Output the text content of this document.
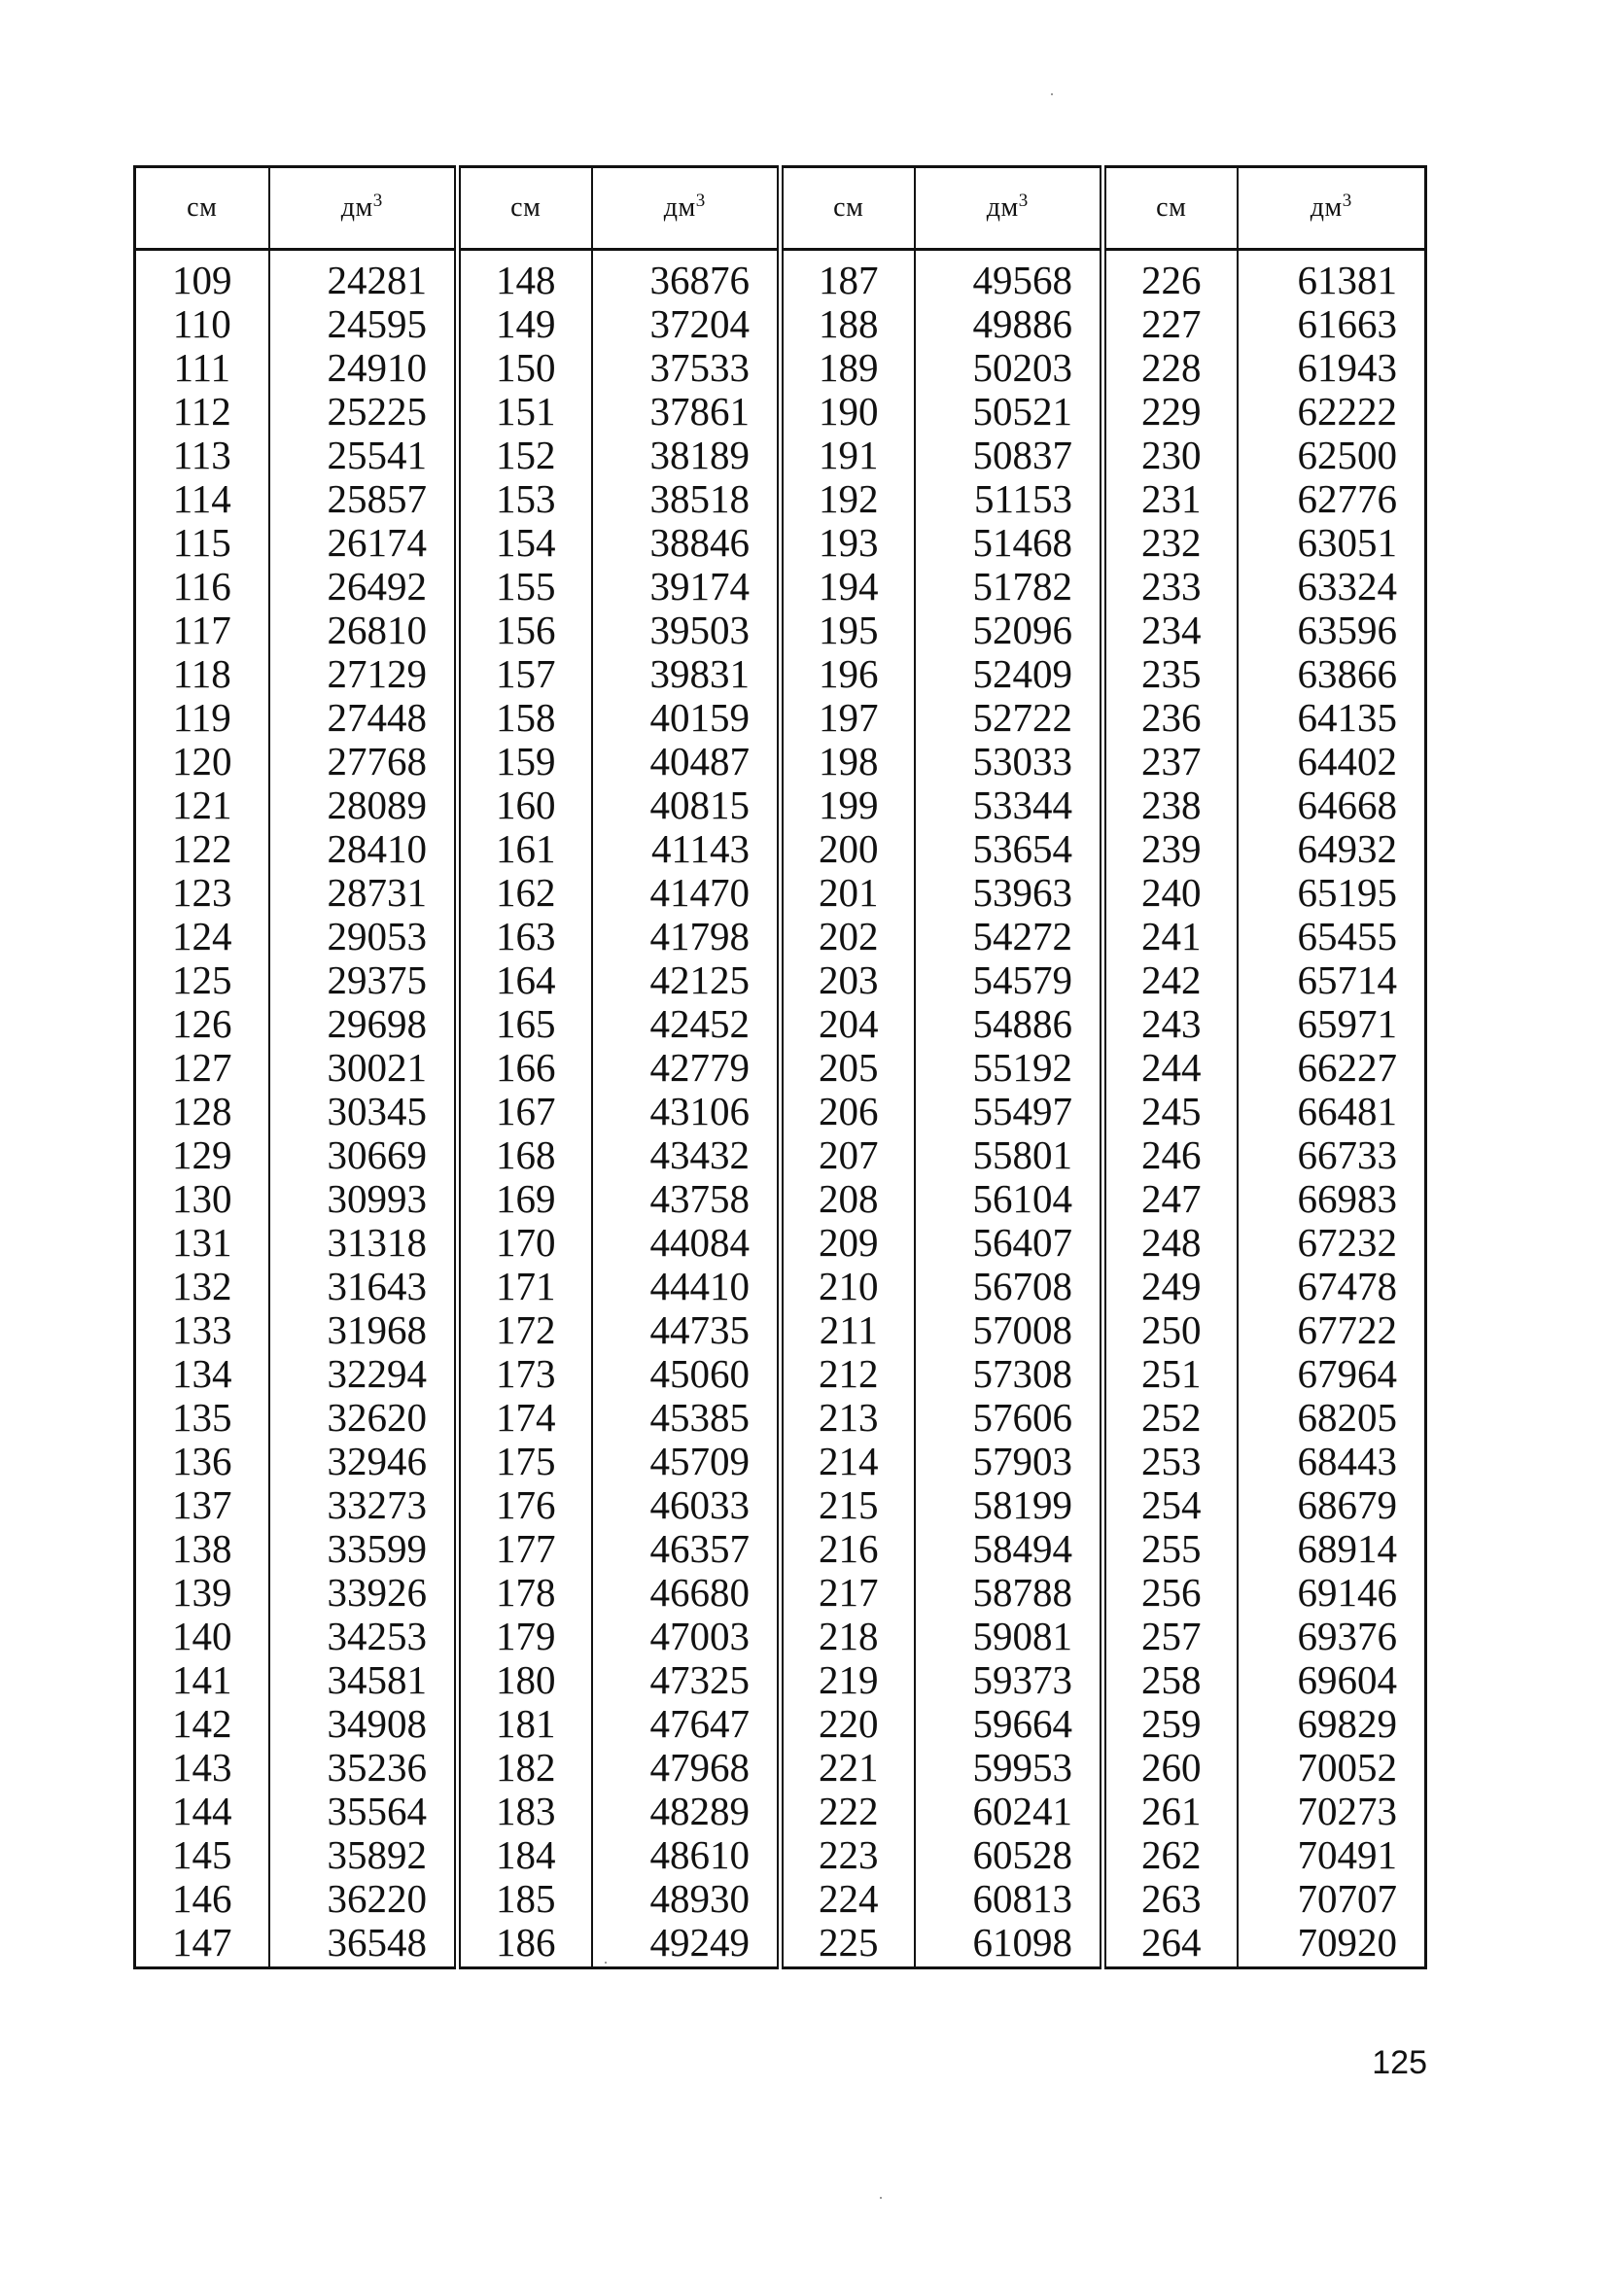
см	$дм^3$	см	$дм^3$	см	$дм^3$	см	$дм^3$
109	24281	148	36876	187	49568	226	61381
110	24595	149	37204	188	49886	227	61663
111	24910	150	37533	189	50203	228	61943
112	25225	151	37861	190	50521	229	62222
113	25541	152	38189	191	50837	230	62500
114	25857	153	38518	192	51153	231	62776
115	26174	154	38846	193	51468	232	63051
116	26492	155	39174	194	51782	233	63324
117	26810	156	39503	195	52096	234	63596
118	27129	157	39831	196	52409	235	63866
119	27448	158	40159	197	52722	236	64135
120	27768	159	40487	198	53033	237	64402
121	28089	160	40815	199	53344	238	64668
122	28410	161	41143	200	53654	239	64932
123	28731	162	41470	201	53963	240	65195
124	29053	163	41798	202	54272	241	65455
125	29375	164	42125	203	54579	242	65714
126	29698	165	42452	204	54886	243	65971
127	30021	166	42779	205	55192	244	66227
128	30345	167	43106	206	55497	245	66481
129	30669	168	43432	207	55801	246	66733
130	30993	169	43758	208	56104	247	66983
131	31318	170	44084	209	56407	248	67232
132	31643	171	44410	210	56708	249	67478
133	31968	172	44735	211	57008	250	67722
134	32294	173	45060	212	57308	251	67964
135	32620	174	45385	213	57606	252	68205
136	32946	175	45709	214	57903	253	68443
137	33273	176	46033	215	58199	254	68679
138	33599	177	46357	216	58494	255	68914
139	33926	178	46680	217	58788	256	69146
140	34253	179	47003	218	59081	257	69376
141	34581	180	47325	219	59373	258	69604
142	34908	181	47647	220	59664	259	69829
143	35236	182	47968	221	59953	260	70052
144	35564	183	48289	222	60241	261	70273
145	35892	184	48610	223	60528	262	70491
146	36220	185	48930	224	60813	263	70707
147	36548	186	49249	225	61098	264	70920
125
